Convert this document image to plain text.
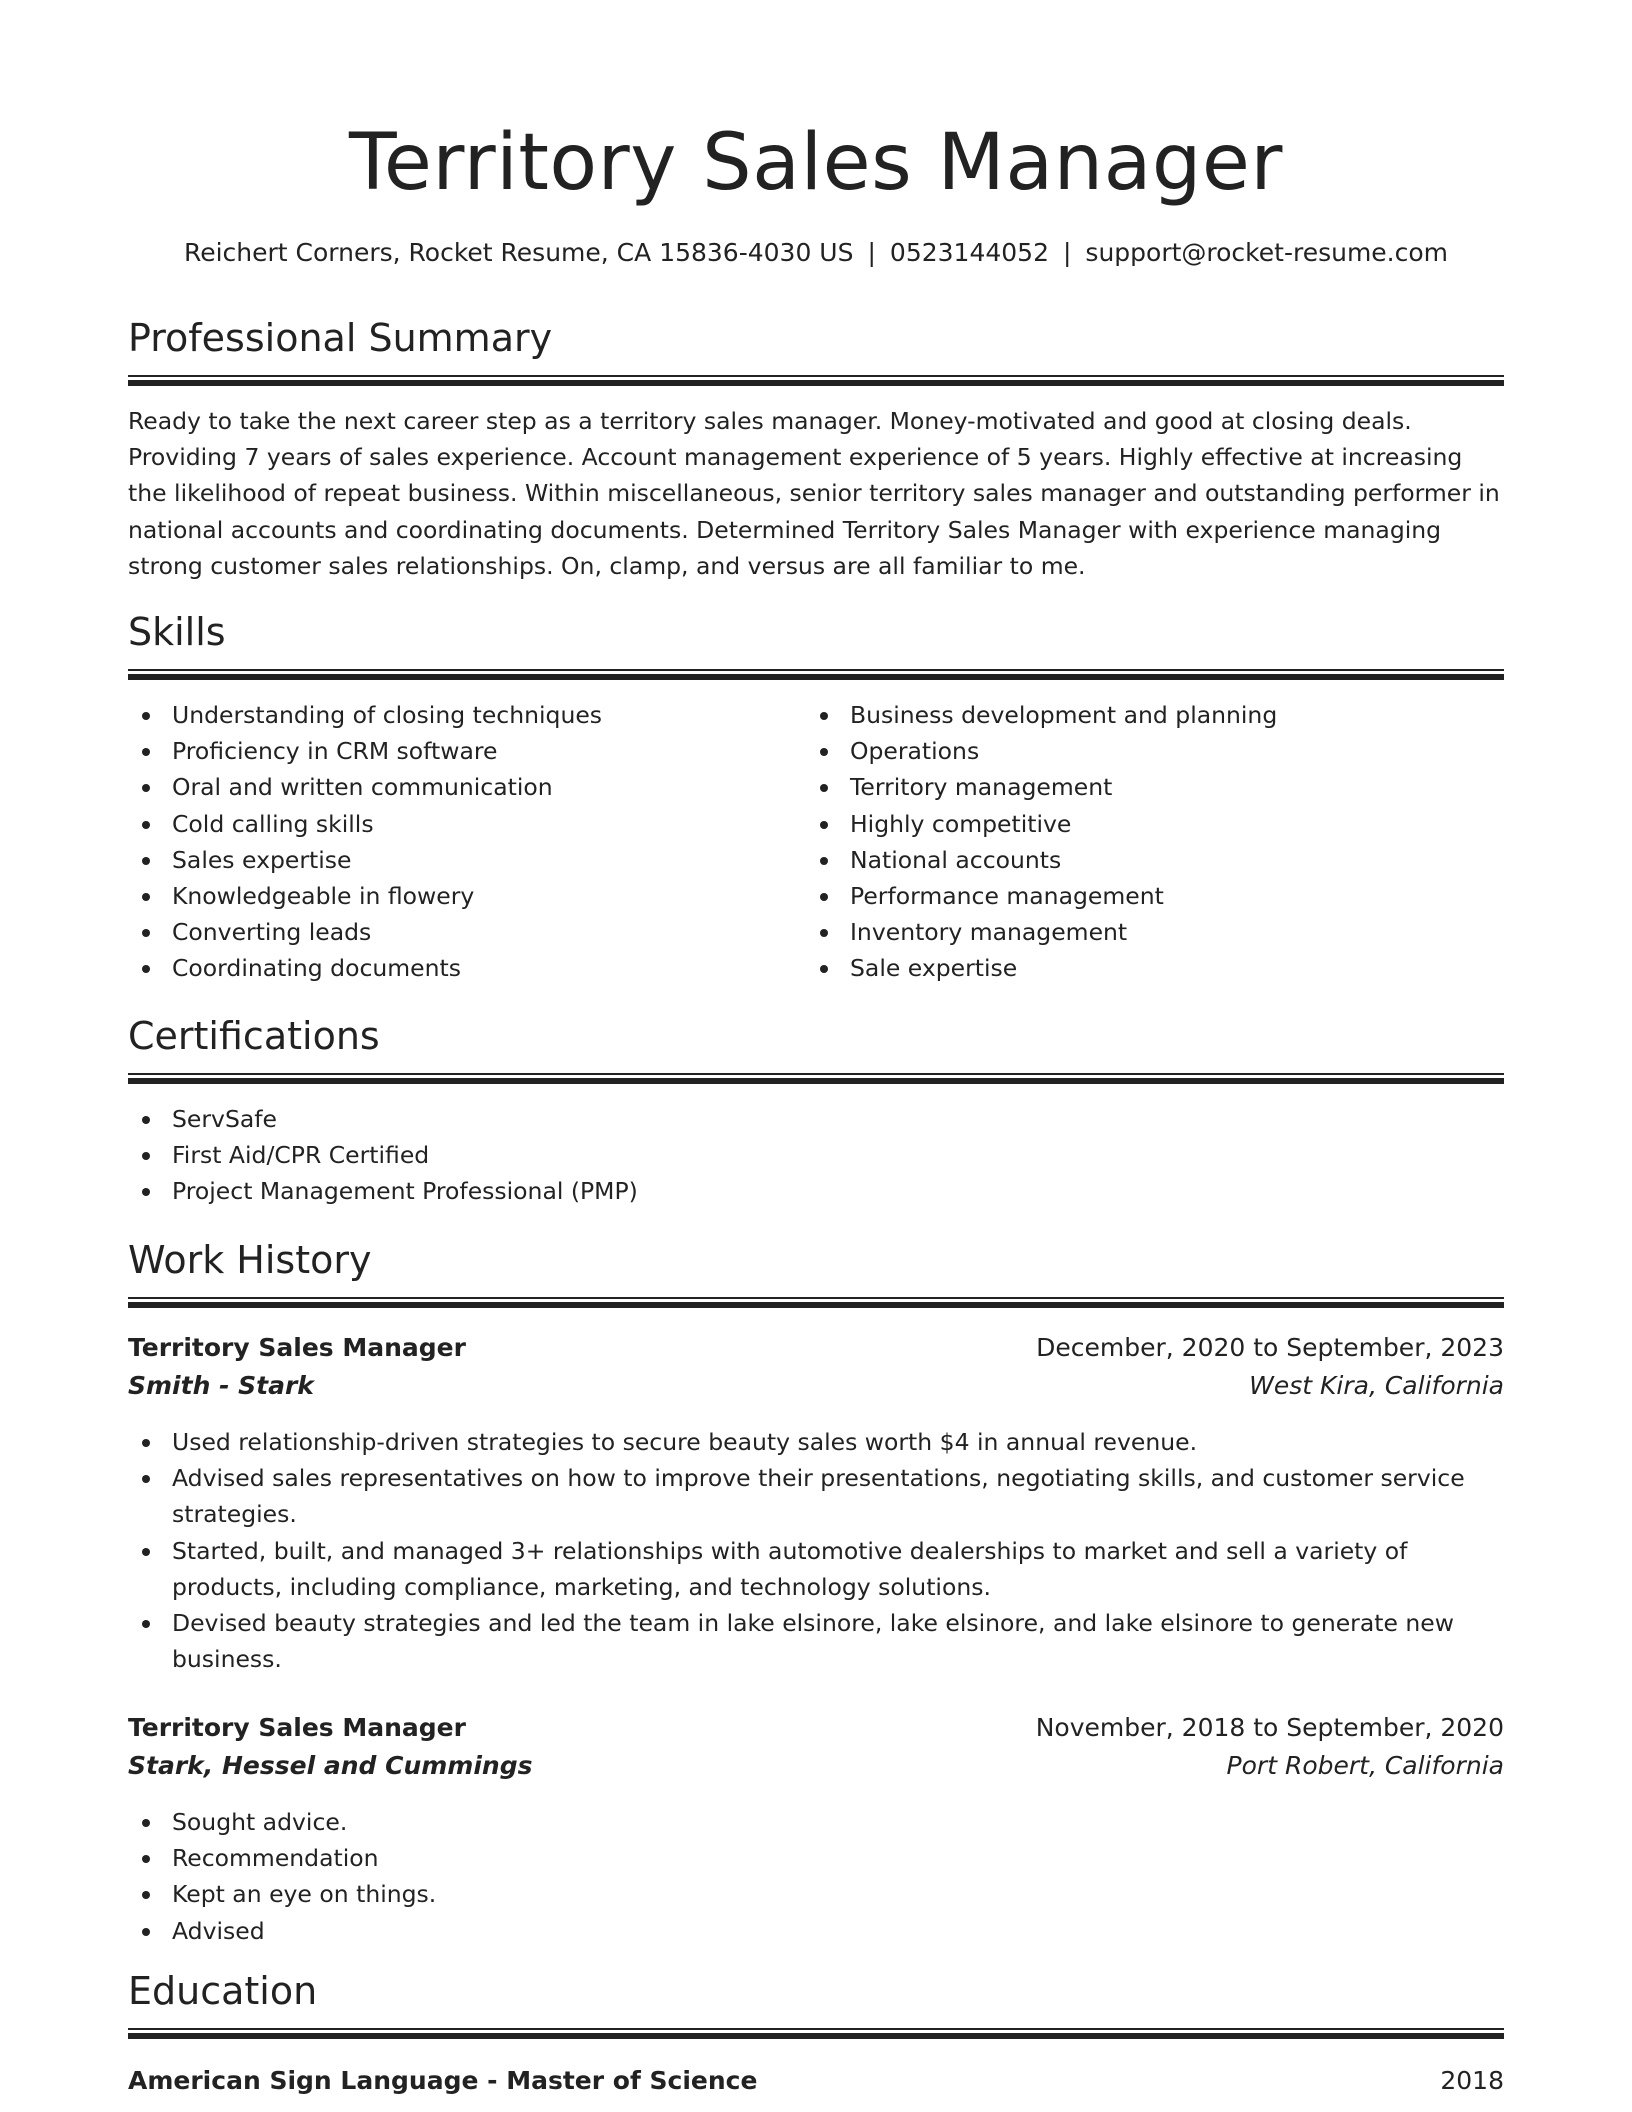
Territory Sales Manager
Reichert Corners, Rocket Resume, CA 15836-4030 US | 0523144052 | support@rocket-resume.com
Professional Summary

Ready to take the next career step as a territory sales manager. Money-motivated and good at closing deals. Providing 7 years of sales experience. Account management experience of 5 years. Highly effective at increasing the likelihood of repeat business. Within miscellaneous, senior territory sales manager and outstanding performer in national accounts and coordinating documents. Determined Territory Sales Manager with experience managing strong customer sales relationships. On, clamp, and versus are all familiar to me.

Skills
Understanding of closing techniques
Proficiency in CRM software
Oral and written communication
Cold calling skills
Sales expertise
Knowledgeable in flowery
Converting leads
Coordinating documents
Business development and planning
Operations
Territory management
Highly competitive
National accounts
Performance management
Inventory management
Sale expertise
Certifications
ServSafe
First Aid/CPR Certified
Project Management Professional (PMP)
Work History
Territory Sales Manager	December, 2020 to September, 2023
Smith - Stark	West Kira, California
Used relationship-driven strategies to secure beauty sales worth $4 in annual revenue.
Advised sales representatives on how to improve their presentations, negotiating skills, and customer service strategies.
Started, built, and managed 3+ relationships with automotive dealerships to market and sell a variety of products, including compliance, marketing, and technology solutions.
Devised beauty strategies and led the team in lake elsinore, lake elsinore, and lake elsinore to generate new business.
Territory Sales Manager	November, 2018 to September, 2020
Stark, Hessel and Cummings	Port Robert, California
Sought advice.
Recommendation
Kept an eye on things.
Advised
Education
American Sign Language - Master of Science	2018
